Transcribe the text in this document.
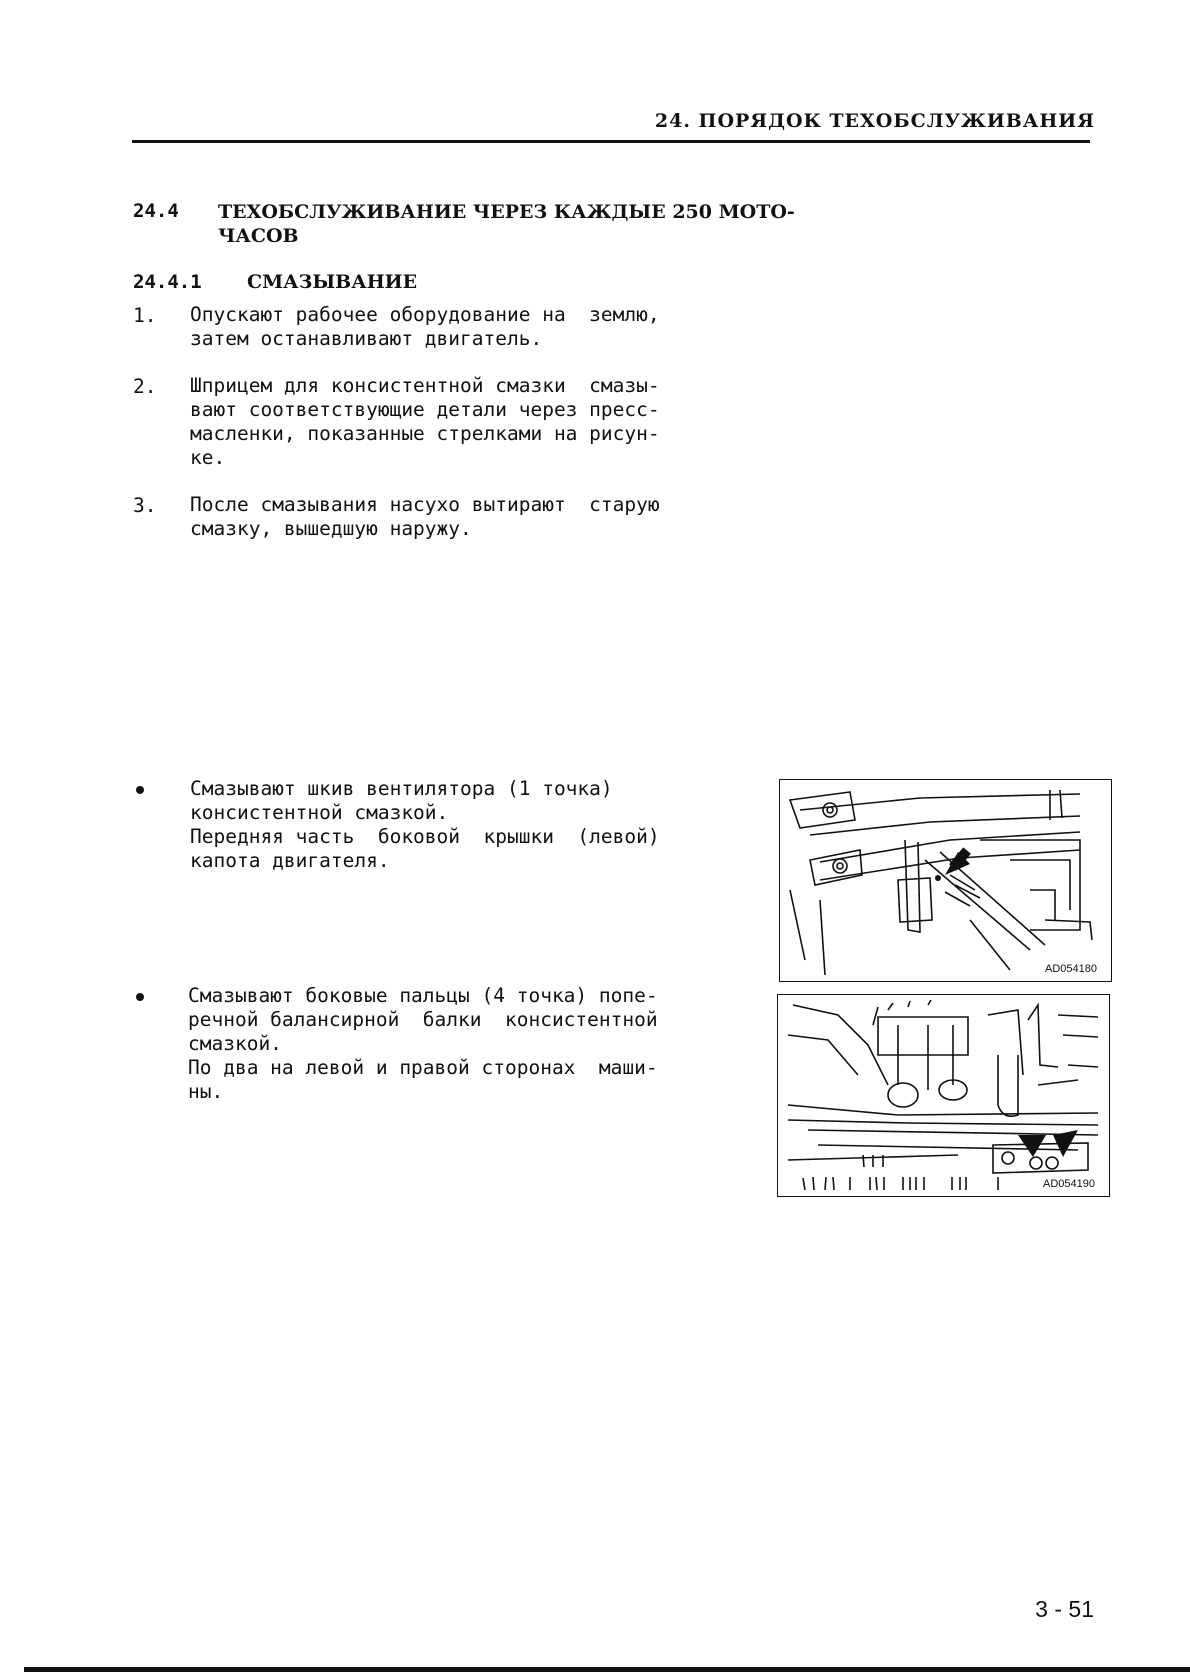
24. ПОРЯДОК ТЕХОБСЛУЖИВАНИЯ
24.4 ТЕХОБСЛУЖИВАНИЕ ЧЕРЕЗ КАЖДЫЕ 250 МОТО-
ЧАСОВ
24.4.1 СМАЗЫВАНИЕ
1. Опускают рабочее оборудование на  землю,
затем останавливают двигатель.
2. Шприцем для консистентной смазки  смазы-
вают соответствующие детали через пресс-
масленки, показанные стрелками на рисун-
ке.
3. После смазывания насухо вытирают  старую
смазку, вышедшую наружу.
Смазывают шкив вентилятора (1 точка)
консистентной смазкой.
Передняя часть  боковой  крышки  (левой)
капота двигателя.
AD054180
Смазывают боковые пальцы (4 точка) попе-
речной балансирной  балки  консистентной
смазкой.
По два на левой и правой сторонах  маши-
ны.
AD054190
3 - 51
